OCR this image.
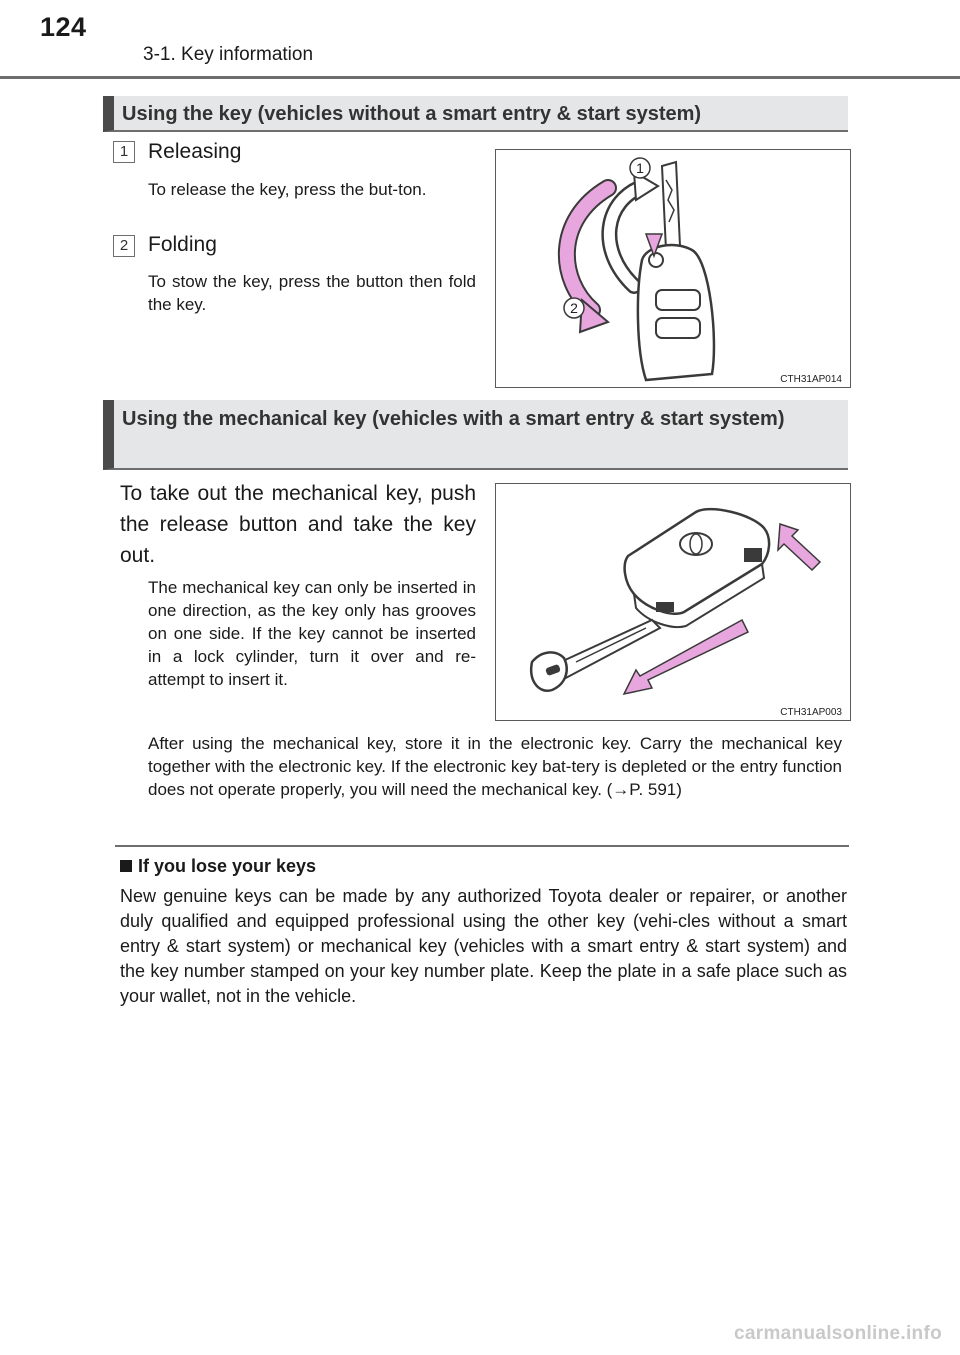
124
3-1. Key information
Using the key (vehicles without a smart entry & start system)
1 Releasing
To release the key, press the but-ton.
2 Folding
To stow the key, press the button then fold the key.
1
2
CTH31AP014
Using the mechanical key (vehicles with a smart entry & start system)
To take out the mechanical key, push the release button and take the key out.
The mechanical key can only be inserted in one direction, as the key only has grooves on one side. If the key cannot be inserted in a lock cylinder, turn it over and re-attempt to insert it.
CTH31AP003
After using the mechanical key, store it in the electronic key. Carry the mechanical key together with the electronic key. If the electronic key bat-tery is depleted or the entry function does not operate properly, you will need the mechanical key. (→P. 591)
If you lose your keys
New genuine keys can be made by any authorized Toyota dealer or repairer, or another duly qualified and equipped professional using the other key (vehi-cles without a smart entry & start system) or mechanical key (vehicles with a smart entry & start system) and the key number stamped on your key number plate. Keep the plate in a safe place such as your wallet, not in the vehicle.
carmanualsonline.info
